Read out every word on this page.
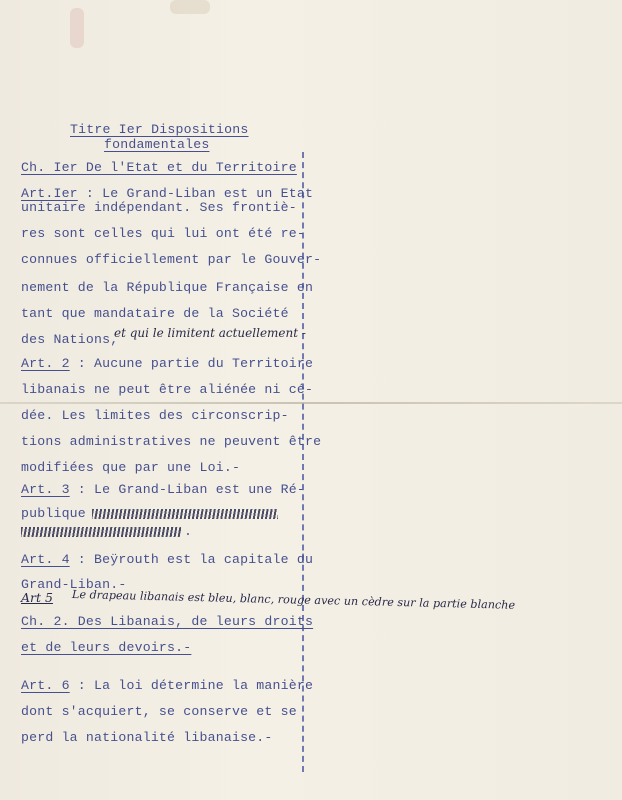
Titre Ier Dispositions
fondamentales
Ch. Ier De l'Etat et du Territoire
Art.Ier : Le Grand-Liban est un Etat
unitaire indépendant. Ses frontiè-
res sont celles qui lui ont été re-
connues officiellement par le Gouver-
nement de la République Française en
tant que mandataire de la Société
des Nations,
et qui le limitent actuellement -
Art. 2 : Aucune partie du Territoire
libanais ne peut être aliénée ni cé-
dée. Les limites des circonscrip-
tions administratives ne peuvent être
modifiées que par une Loi.-
Art. 3 : Le Grand-Liban est une Ré-
publique
.
Art. 4 : Beÿrouth est la capitale du
Grand-Liban.-
Art 5 Le drapeau libanais est bleu, blanc, rouge avec un cèdre sur la partie blanche
Ch. 2. Des Libanais, de leurs droits
et de leurs devoirs.-
Art. 6 : La loi détermine la manière
dont s'acquiert, se conserve et se
perd la nationalité libanaise.-
